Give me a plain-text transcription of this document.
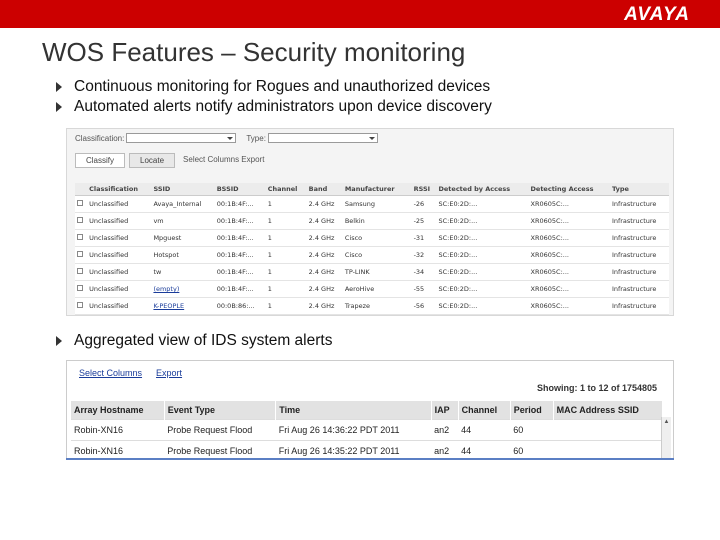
AVAYA
WOS Features – Security monitoring
Continuous monitoring for Rogues and unauthorized devices
Automated alerts notify administrators upon device discovery
Classification:	Type:
Classify	Locate	Select Columns Export
	Classification	SSID	BSSID	Channel	Band	Manufacturer	RSSI	Detected by Access	Detecting Access	Type
	Unclassified	Avaya_Internal	00:1B:4F:...	1	2.4 GHz	Samsung	-26	SC:E0:2D:...	XR0605C:...	Infrastructure
	Unclassified	vm	00:1B:4F:...	1	2.4 GHz	Belkin	-25	SC:E0:2D:...	XR0605C:...	Infrastructure
	Unclassified	Mpguest	00:1B:4F:...	1	2.4 GHz	Cisco	-31	SC:E0:2D:...	XR0605C:...	Infrastructure
	Unclassified	Hotspot	00:1B:4F:...	1	2.4 GHz	Cisco	-32	SC:E0:2D:...	XR0605C:...	Infrastructure
	Unclassified	tw	00:1B:4F:...	1	2.4 GHz	TP-LINK	-34	SC:E0:2D:...	XR0605C:...	Infrastructure
	Unclassified	(empty)	00:1B:4F:...	1	2.4 GHz	AeroHive	-55	SC:E0:2D:...	XR0605C:...	Infrastructure
	Unclassified	K-PEOPLE	00:0B:86:...	1	2.4 GHz	Trapeze	-56	SC:E0:2D:...	XR0605C:...	Infrastructure

Aggregated view of IDS system alerts
Select Columns Export
Showing: 1 to 12 of 1754805
Array Hostname	Event Type	Time	IAP	Channel	Period	MAC Address SSID
Robin-XN16	Probe Request Flood	Fri Aug 26 14:36:22 PDT 2011	an2	44	60	
Robin-XN16	Probe Request Flood	Fri Aug 26 14:35:22 PDT 2011	an2	44	60	
▲
